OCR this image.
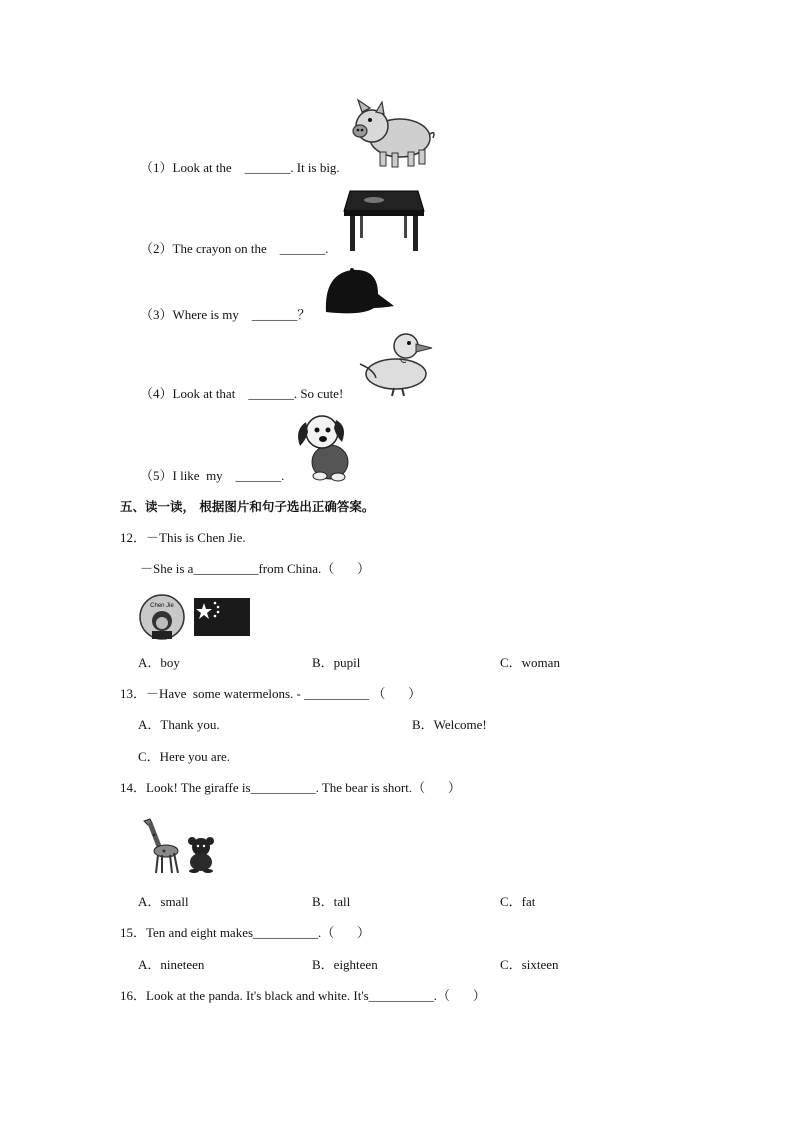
（1）Look at the    _______. It is big.
（2）The crayon on the    _______.
（3）Where is my    _______？
（4）Look at that    _______. So cute!
（5）I like  my    _______.
五、读一读， 根据图片和句子选出正确答案。
12．－This is Chen Jie.
－She is a__________from China.（       ）
Chen Jie
A．boy	B．pupil	C．woman
13．－Have  some watermelons. - __________ （       ）
A．Thank you.	B．Welcome!
C．Here you are.
14．Look! The giraffe is__________. The bear is short.（       ）
A．small	B．tall	C．fat
15．Ten and eight makes__________.（       ）
A．nineteen	B．eighteen	C．sixteen
16．Look at the panda. It's black and white. It's__________.（       ）
